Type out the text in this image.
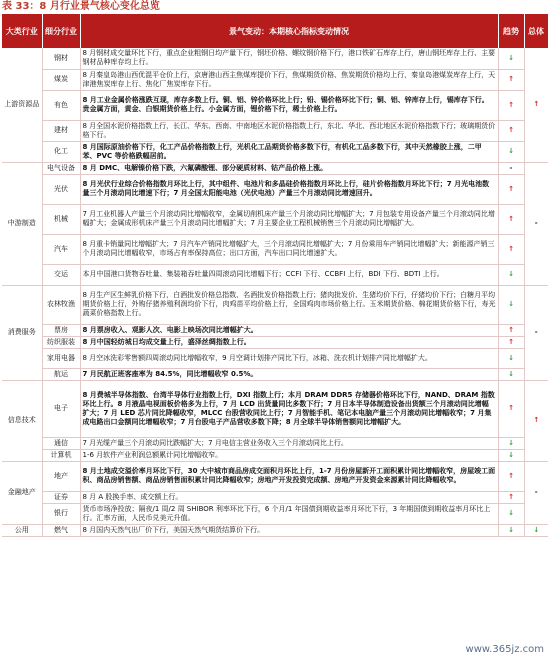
表 33：8 月行业景气核心变化总览
大类行业	细分行业	景气变动：本期核心指标变动情况	趋势	总体
上游资源品	钢材	8 月钢材成交量环比下行，重点企业粗钢日均产量下行，钢坯价格、螺纹钢价格下行，港口铁矿石库存上行，唐山钢坯库存上行、主要钢材品种库存均上行。	↓	↑
	煤炭	8 月秦皇岛港山西优混平仓价上行，京唐港山西主焦煤库提价下行，焦煤期货价格、焦炭期货价格均上行，秦皇岛港煤炭库存上行，天津港焦炭库存上行、焦化厂焦炭库存下行。	↑	
	有色	8 月工业金属价格涨跌互现，库存多数上行。铜、铝、锌价格环比上行；铅、锡价格环比下行；铜、铝、锌库存上行，锡库存下行。贵金属方面，黄金、白银期货价格上行。小金属方面，锂价格下行，稀土价格上行。	↑	
	建材	8 月全国水泥价格指数上行，长江、华东、西南、中南地区水泥价格指数上行，东北、华北、西北地区水泥价格指数下行；玻璃期货价格下行。	↑	
	化工	8 月国际原油价格下行，化工产品价格指数上行，光机化工品期货价格多数下行，有机化工品多数下行，其中天然橡胶上涨，二甲苯、PVC 等价格跌幅居前。	↓	
中游制造	电气设备	8 月 DMC、电解镍价格下跌，六氟磷酸锂、部分硬质材料、钴产品价格上涨。	-	-
	光伏	8 月光伏行业综合价格指数月环比上行，其中组件、电池片和多晶硅价格指数月环比上行，硅片价格指数月环比下行；7 月光电池数量三个月滚动同比增速下行；7 月全国太阳能电池（光伏电池）产量三个月滚动同比增速回升。	↑	
	机械	7 月工业机器人产量三个月滚动同比增幅收窄，金属切削机床产量三个月滚动同比增幅扩大；7 月包装专用设备产量三个月滚动同比增幅扩大；金属成形机床产量三个月滚动同比增幅扩大；7 月主要企业工程机械销售三个月滚动同比增幅扩大。	↑	
	汽车	8 月重卡销量同比增幅扩大；7 月汽车产销同比增幅扩大，三个月滚动同比增幅扩大；7 月份乘用车产销同比增幅扩大；新能源产销三个月滚动同比增幅收窄，市场占有率保持高位；出口方面，汽车出口同比增速扩大。	↑	
	交运	本月中国港口货物吞吐量、集装箱吞吐量四周滚动同比增幅下行；CCFI 下行、CCBFI 上行，BDI 下行、BDTI 上行。	↓	
消费服务	农林牧渔	8 月生产区生鲜乳价格下行，白酒批发价格总指数、名酒批发价格指数上行；猪肉批发价、生猪均价下行，仔猪均价下行；白糖月平均期货价格上行，外购仔猪养殖利润均价下行，肉鸡苗平均价格上行，全国鸡肉市场价格上行。玉米期货价格、棉花期货价格下行，寿光蔬菜价格指数上行。	↓	-
	票房	8 月票房收入、观影人次、电影上映场次同比增幅扩大。	↑	
	纺织服装	8 月中国轻纺城日均成交量上行，盛泽丝绸指数上行。	↑	
	家用电器	8 月空冰洗彩零售额四周滚动同比增幅收窄，9 月空调计划排产同比下行，冰箱、洗衣机计划排产同比增幅扩大。	↓	
	航运	7 月民航正班客座率为 84.5%，同比增幅收窄 0.5%。	↓	
信息技术	电子	8 月费城半导体指数、台湾半导体行业指数上行，DXI 指数上行；本月 DRAM DDR5 存储器价格环比下行，NAND、DRAM 指数环比上行。8 月液晶电视面板价格多为上行，7 月 LCD 出货量同比多数下行；7 月日本半导体制造设备出货额三个月滚动同比增幅扩大；7 月 LED 芯片同比降幅收窄，MLCC 台股营收同比上行；7 月智能手机、笔记本电脑产量三个月滚动同比增幅收窄；7 月集成电路出口金额同比增幅收窄；7 月台股电子产品营收多数下降；8 月全球半导体销售额同比增幅扩大。	↑	↑
	通信	7 月光缆产量三个月滚动同比跌幅扩大；7 月电信主营业务收入三个月滚动同比上行。	↓	
	计算机	1-6 月软件产业利润总额累计同比增幅收窄。	↓	
金融地产	地产	8 月土地成交溢价率月环比下行，30 大中城市商品房成交面积月环比上行，1-7 月份房屋新开工面积累计同比增幅收窄，房屋竣工面积、商品房销售额、商品房销售面积累计同比降幅收窄；房地产开发投资完成额、房地产开发资金来源累计同比降幅收窄。	↑	-
	证券	8 月 A 股换手率、成交额上行。	↑	
	银行	货币市场净投放；隔夜/1 周/2 周 SHIBOR 利率环比下行，6 个月/1 年国债到期收益率月环比下行，3 年期国债到期收益率月环比上行。汇率方面，人民币兑美元升值。	↓	
公用	燃气	8 月国内天然气出厂价下行，美国天然气期货结算价下行。	↓	↓
www.365jz.com
